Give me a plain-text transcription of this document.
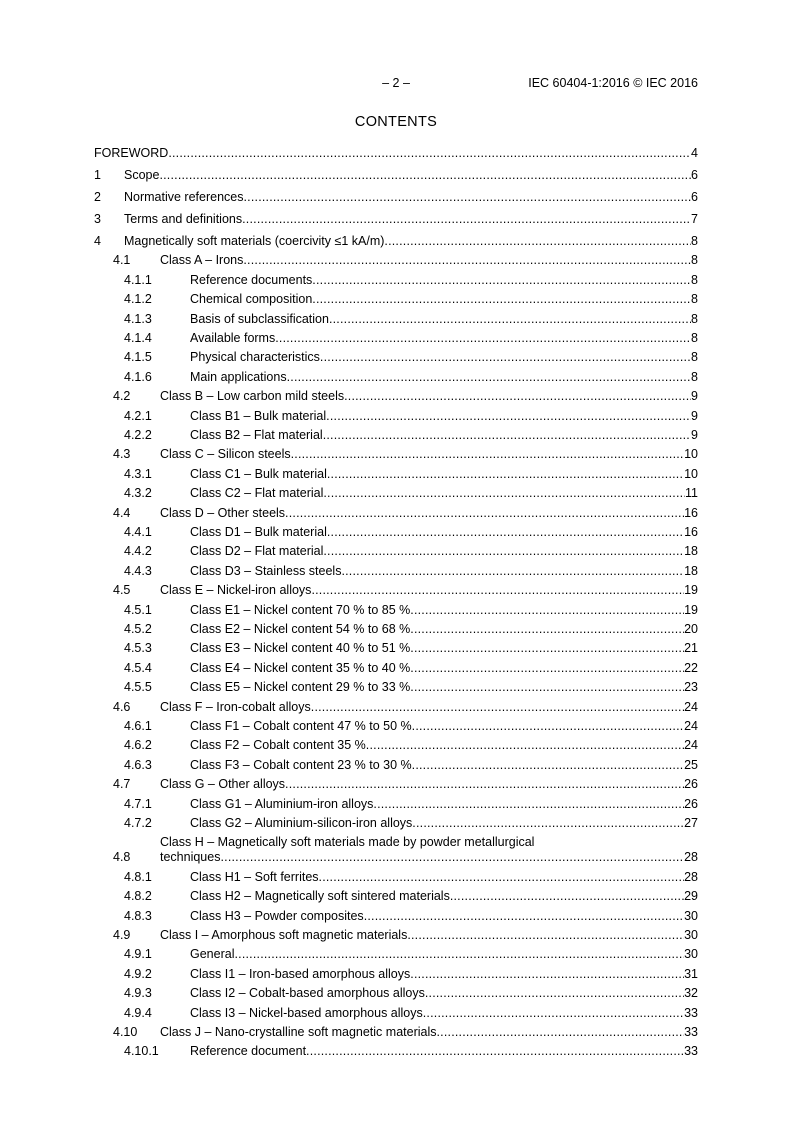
– 2 –	IEC 60404-1:2016 © IEC 2016
CONTENTS
FOREWORD .....	4
1 Scope .....	6
2 Normative references .....	6
3 Terms and definitions .....	7
4 Magnetically soft materials (coercivity ≤1 kA/m) .....	8
4.1 Class A – Irons .....	8
4.1.1	Reference documents .....	8
4.1.2	Chemical composition .....	8
4.1.3	Basis of subclassification .....	8
4.1.4	Available forms .....	8
4.1.5	Physical characteristics .....	8
4.1.6	Main applications .....	8
4.2 Class B – Low carbon mild steels .....	9
4.2.1	Class B1 – Bulk material .....	9
4.2.2	Class B2 – Flat material .....	9
4.3 Class C – Silicon steels .....	10
4.3.1	Class C1 – Bulk material .....	10
4.3.2	Class C2 – Flat material .....	11
4.4 Class D – Other steels .....	16
4.4.1	Class D1 – Bulk material .....	16
4.4.2	Class D2 – Flat material .....	18
4.4.3	Class D3 – Stainless steels .....	18
4.5 Class E – Nickel-iron alloys .....	19
4.5.1	Class E1 – Nickel content 70 % to 85 % .....	19
4.5.2	Class E2 – Nickel content 54 % to 68 % .....	20
4.5.3	Class E3 – Nickel content 40 % to 51 % .....	21
4.5.4	Class E4 – Nickel content 35 % to 40 % .....	22
4.5.5	Class E5 – Nickel content 29 % to 33 % .....	23
4.6 Class F – Iron-cobalt alloys .....	24
4.6.1	Class F1 – Cobalt content 47 % to 50 % .....	24
4.6.2	Class F2 – Cobalt content 35 % .....	24
4.6.3	Class F3 – Cobalt content 23 % to 30 % .....	25
4.7 Class G – Other alloys .....	26
4.7.1	Class G1 – Aluminium-iron alloys .....	26
4.7.2	Class G2 – Aluminium-silicon-iron alloys .....	27
Class H – Magnetically soft materials made by powder metallurgical
4.8 techniques .....	28
4.8.1	Class H1 – Soft ferrites .....	28
4.8.2	Class H2 – Magnetically soft sintered materials .....	29
4.8.3	Class H3 – Powder composites .....	30
4.9 Class I – Amorphous soft magnetic materials .....	30
4.9.1	General .....	30
4.9.2	Class I1 – Iron-based amorphous alloys .....	31
4.9.3	Class I2 – Cobalt-based amorphous alloys .....	32
4.9.4	Class I3 – Nickel-based amorphous alloys .....	33
4.10 Class J – Nano-crystalline soft magnetic materials .....	33
4.10.1 Reference document .....	33
